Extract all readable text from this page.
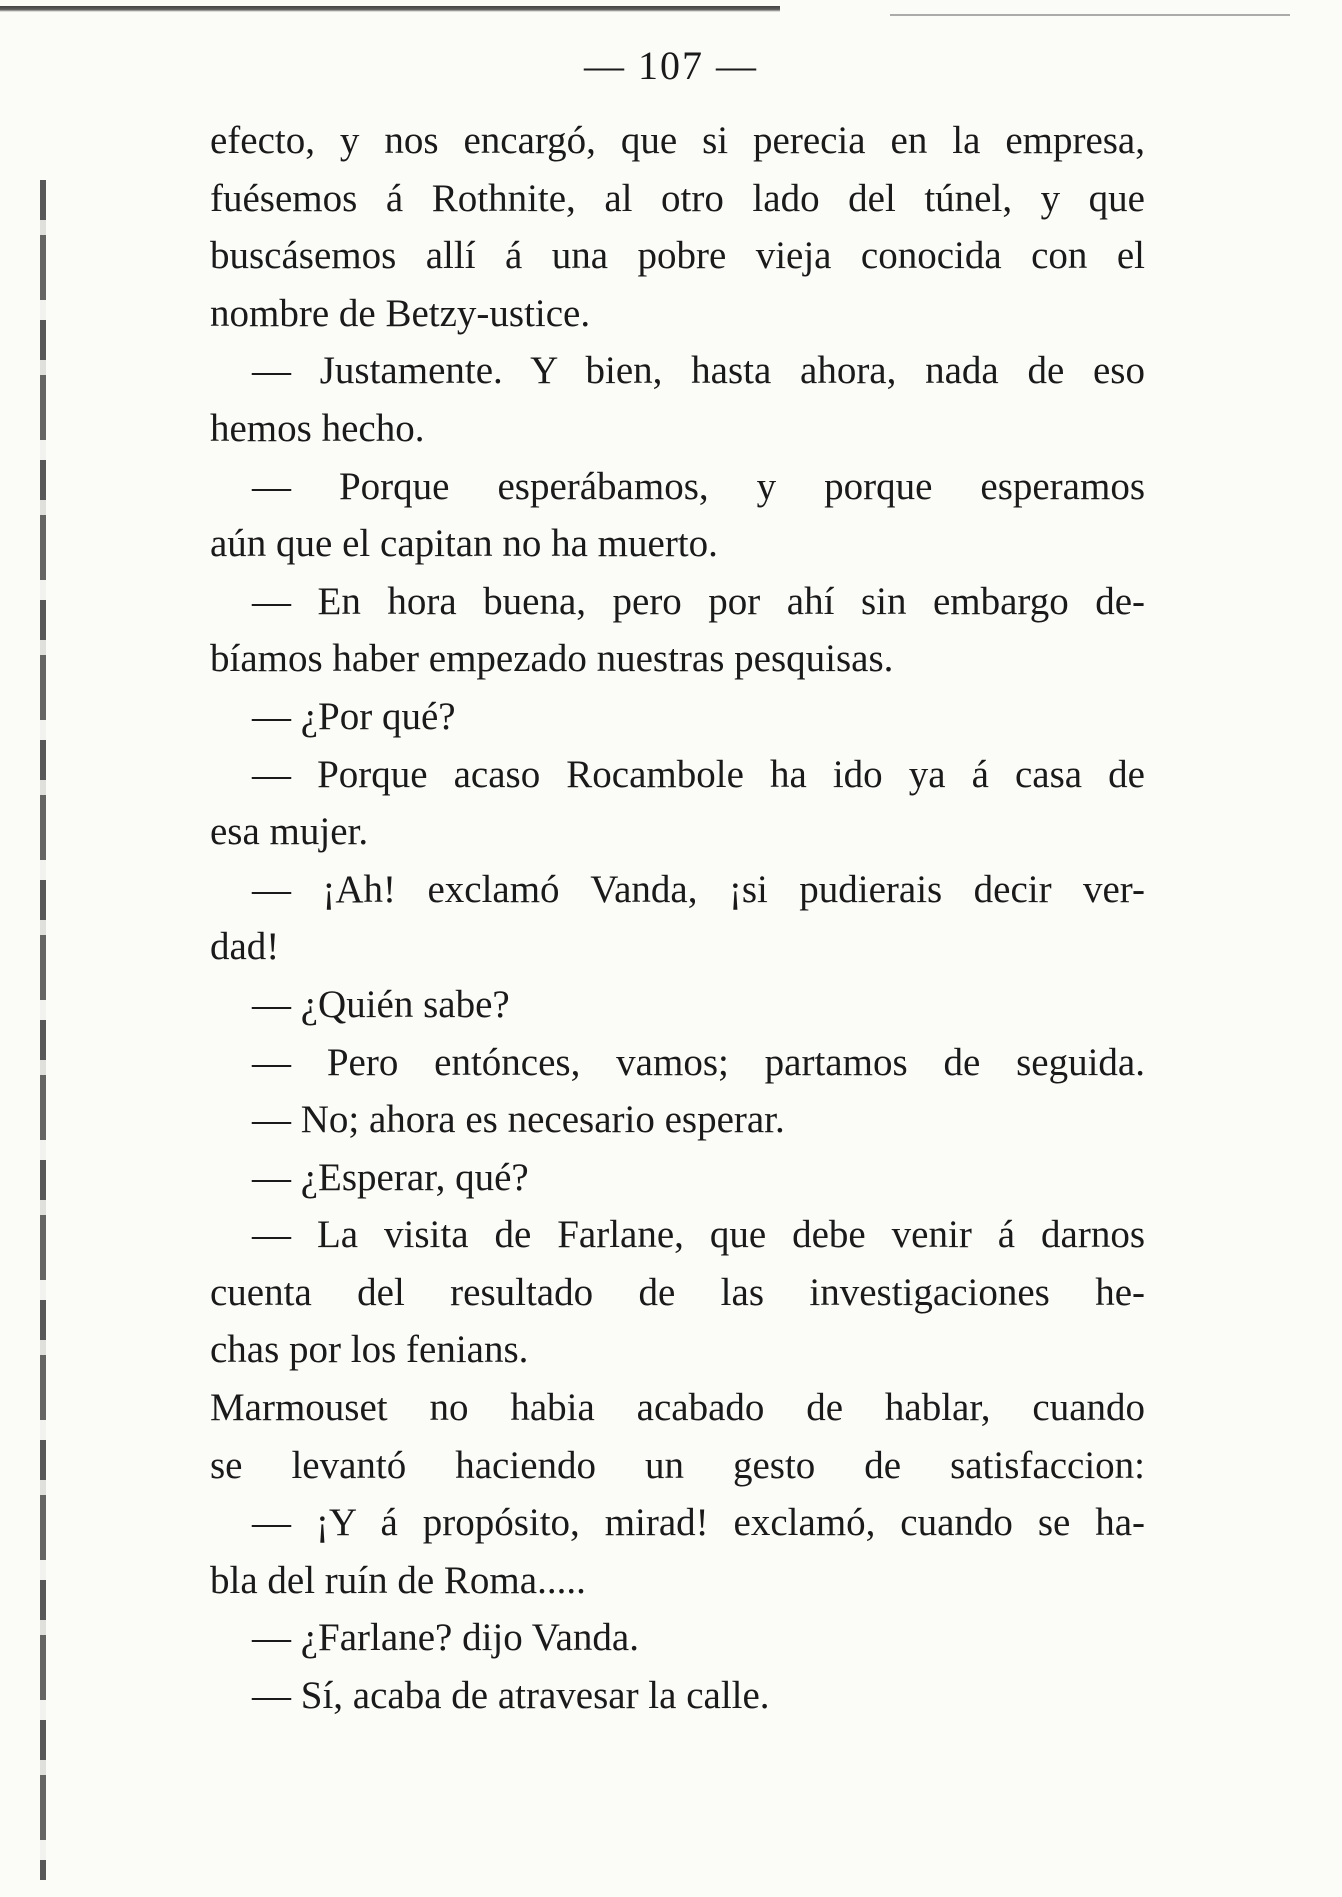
— 107 —
efecto, y nos encargó, que si perecia en la empresa,
fuésemos á Rothnite, al otro lado del túnel, y que
buscásemos allí á una pobre vieja conocida con el
nombre de Betzy-ustice.
— Justamente. Y bien, hasta ahora, nada de eso
hemos hecho.
— Porque esperábamos, y porque esperamos
aún que el capitan no ha muerto.
— En hora buena, pero por ahí sin embargo de-
bíamos haber empezado nuestras pesquisas.
— ¿Por qué?
— Porque acaso Rocambole ha ido ya á casa de
esa mujer.
— ¡Ah! exclamó Vanda, ¡si pudierais decir ver-
dad!
— ¿Quién sabe?
— Pero entónces, vamos; partamos de seguida.
— No; ahora es necesario esperar.
— ¿Esperar, qué?
— La visita de Farlane, que debe venir á darnos
cuenta del resultado de las investigaciones he-
chas por los fenians.
Marmouset no habia acabado de hablar, cuando
se levantó haciendo un gesto de satisfaccion:
— ¡Y á propósito, mirad! exclamó, cuando se ha-
bla del ruín de Roma.....
— ¿Farlane? dijo Vanda.
— Sí, acaba de atravesar la calle.
